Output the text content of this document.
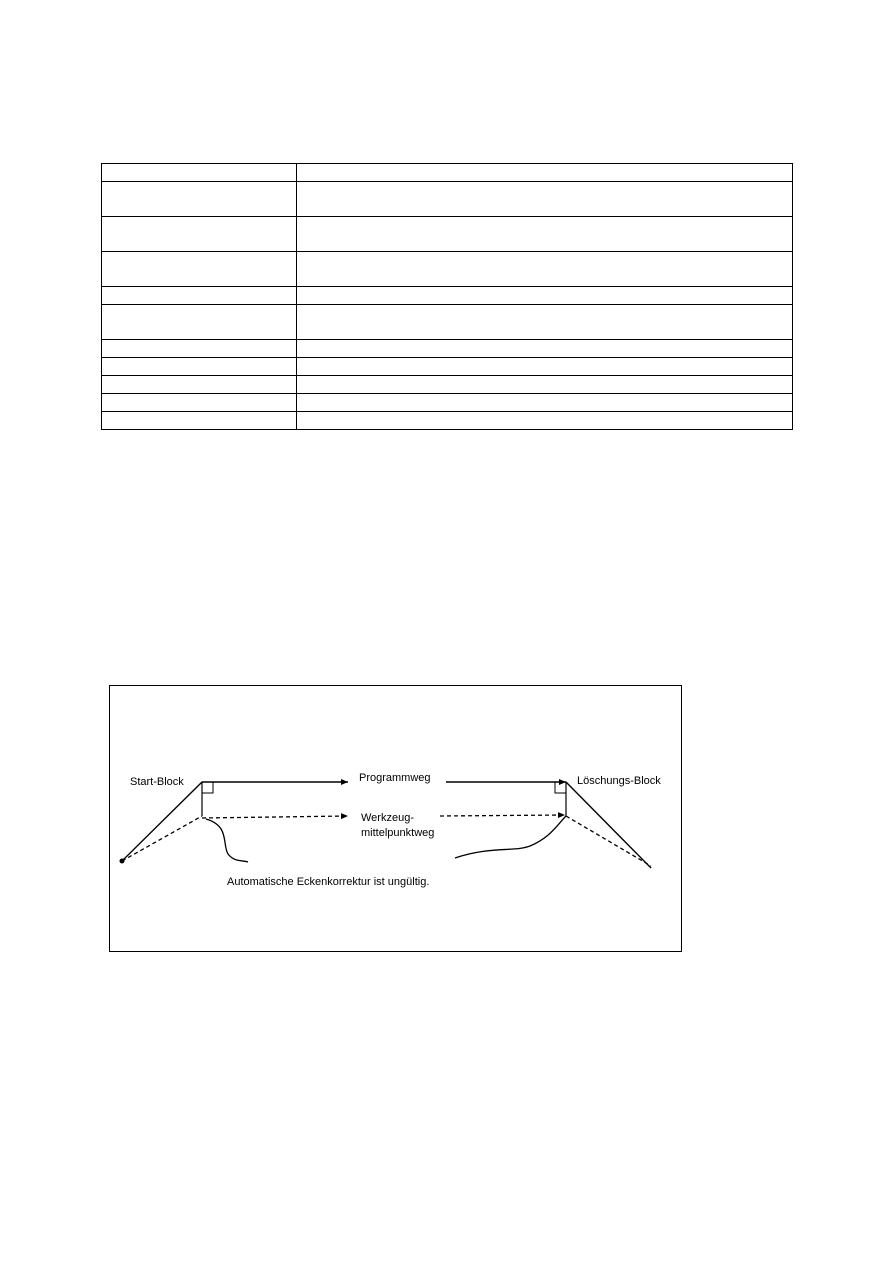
Start-Block	Programmweg	Löschungs-Block
Werkzeug-
mittelpunktweg
Automatische Eckenkorrektur ist ungültig.
